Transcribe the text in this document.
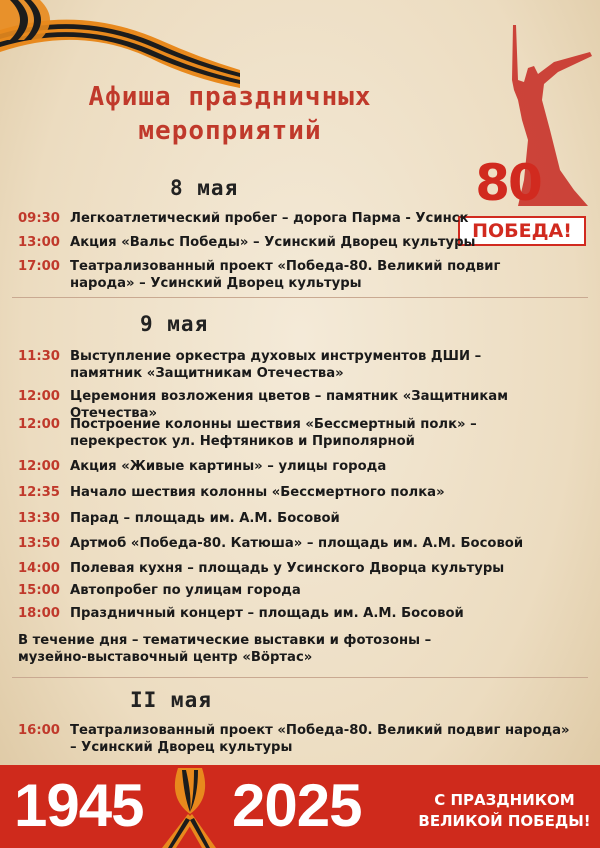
Афиша праздничных
мероприятий
80
ПОБЕДА!
8 мая
09:30 Легкоатлетический пробег – дорога Парма - Усинск
13:00 Акция «Вальс Победы» – Усинский Дворец культуры
17:00 Театрализованный проект «Победа-80. Великий подвиг народа» – Усинский Дворец культуры
9 мая
11:30 Выступление оркестра духовых инструментов ДШИ – памятник «Защитникам Отечества»
12:00 Церемония возложения цветов – памятник «Защитникам Отечества»
12:00 Построение колонны шествия «Бессмертный полк» – перекресток ул. Нефтяников и Приполярной
12:00 Акция «Живые картины» – улицы города
12:35 Начало шествия колонны «Бессмертного полка»
13:30 Парад – площадь им. А.М. Босовой
13:50 Артмоб «Победа-80. Катюша» – площадь им. А.М. Босовой
14:00 Полевая кухня – площадь у Усинского Дворца культуры
15:00 Автопробег по улицам города
18:00 Праздничный концерт – площадь им. А.М. Босовой
В течение дня – тематические выставки и фотозоны – музейно-выставочный центр «Вöртас»
II мая
16:00 Театрализованный проект «Победа-80. Великий подвиг народа» – Усинский Дворец культуры
1945 2025	С ПРАЗДНИКОМ
ВЕЛИКОЙ ПОБЕДЫ!
